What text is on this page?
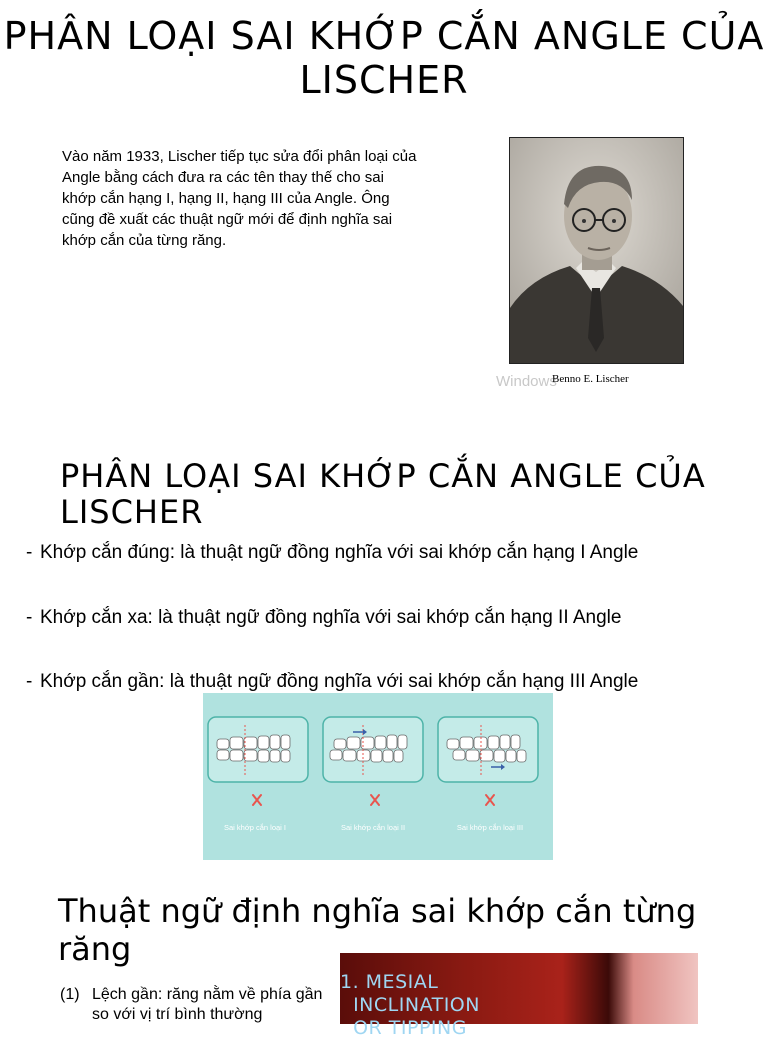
PHÂN LOẠI SAI KHỚP CẮN ANGLE CỦA LISCHER
Vào năm 1933, Lischer tiếp tục sửa đổi phân loại của Angle bằng cách đưa ra các tên thay thế cho sai khớp cắn hạng I, hạng II, hạng III của Angle. Ông cũng đề xuất các thuật ngữ mới để định nghĩa sai khớp cắn của từng răng.
Windows
Benno E. Lischer
PHÂN LOẠI SAI KHỚP CẮN ANGLE CỦA LISCHER
- Khớp cắn đúng: là thuật ngữ đồng nghĩa với sai khớp cắn hạng I Angle
- Khớp cắn xa: là thuật ngữ đồng nghĩa với sai khớp cắn hạng II Angle
- Khớp cắn gần: là thuật ngữ đồng nghĩa với sai khớp cắn hạng III Angle
Sai khớp cắn loại I	Sai khớp cắn loại II	Sai khớp cắn loại III
Thuật ngữ định nghĩa sai khớp cắn từng răng
(1) Lệch gần: răng nằm về phía gần so với vị trí bình thường
1. MESIAL
INCLINATION
OR TIPPING
